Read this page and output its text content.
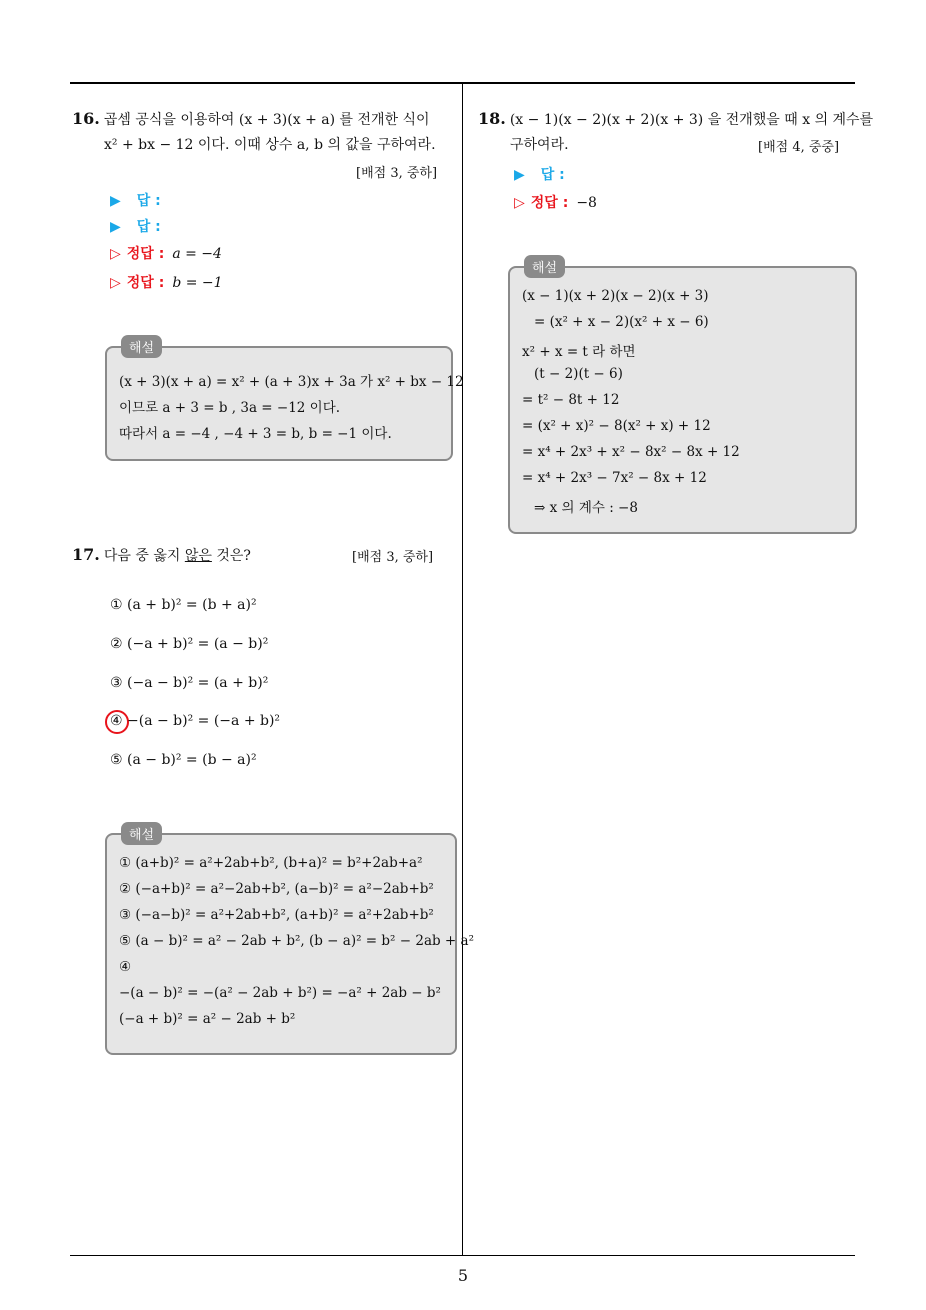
5
16. 곱셈 공식을 이용하여 (x + 3)(x + a) 를 전개한 식이
x² + bx − 12 이다. 이때 상수 a, b 의 값을 구하여라.
[배점 3, 중하]
▶ 답 :
▶ 답 :
▷ 정답 : a = −4
▷ 정답 : b = −1
해설
(x + 3)(x + a) = x² + (a + 3)x + 3a 가 x² + bx − 12
이므로 a + 3 = b , 3a = −12 이다.
따라서 a = −4 , −4 + 3 = b, b = −1 이다.
17. 다음 중 옳지 않은 것은?	[배점 3, 중하]
① (a + b)² = (b + a)²
② (−a + b)² = (a − b)²
③ (−a − b)² = (a + b)²
④ −(a − b)² = (−a + b)²
⑤ (a − b)² = (b − a)²
해설
① (a+b)² = a²+2ab+b², (b+a)² = b²+2ab+a²
② (−a+b)² = a²−2ab+b², (a−b)² = a²−2ab+b²
③ (−a−b)² = a²+2ab+b², (a+b)² = a²+2ab+b²
⑤ (a − b)² = a² − 2ab + b², (b − a)² = b² − 2ab + a²
④
−(a − b)² = −(a² − 2ab + b²) = −a² + 2ab − b²
(−a + b)² = a² − 2ab + b²
18. (x − 1)(x − 2)(x + 2)(x + 3) 을 전개했을 때 x 의 계수를
구하여라.	[배점 4, 중중]
▶ 답 :
▷ 정답 : −8
해설
(x − 1)(x + 2)(x − 2)(x + 3)
= (x² + x − 2)(x² + x − 6)
x² + x = t 라 하면
(t − 2)(t − 6)
= t² − 8t + 12
= (x² + x)² − 8(x² + x) + 12
= x⁴ + 2x³ + x² − 8x² − 8x + 12
= x⁴ + 2x³ − 7x² − 8x + 12
⇒ x 의 계수 : −8
